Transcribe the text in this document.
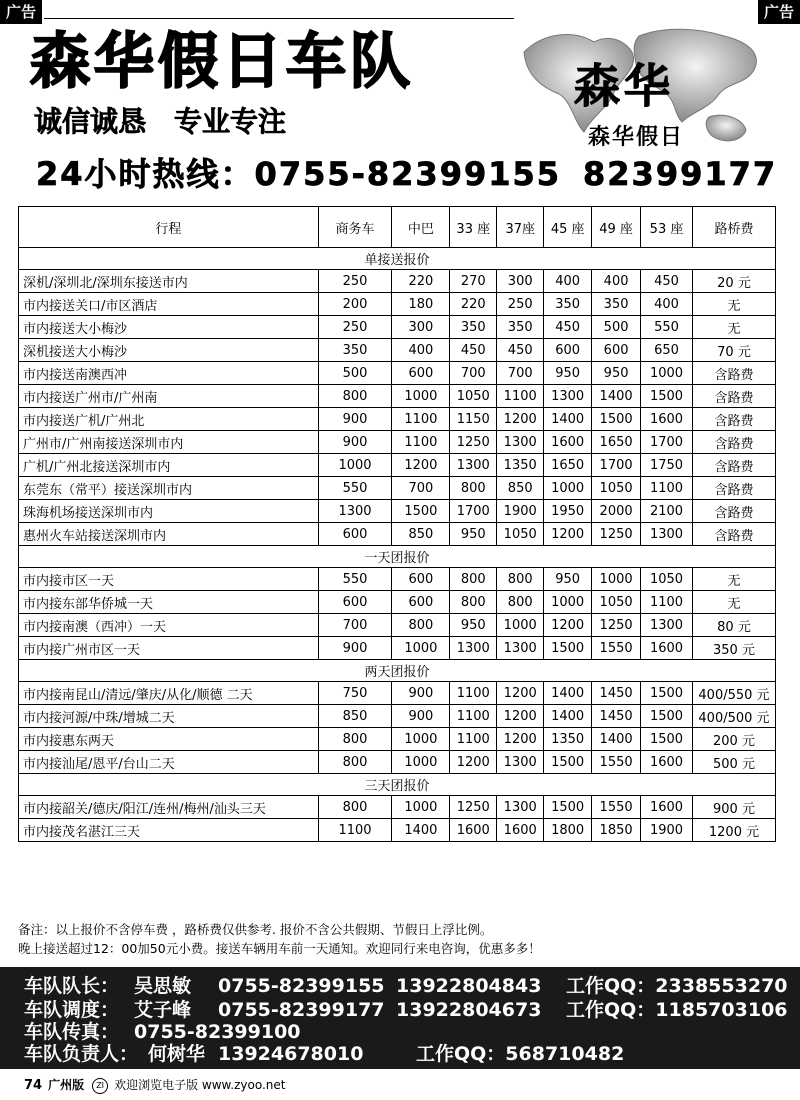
广告	广告
森华假日车队
诚信诚恳 专业专注
24小时热线：0755-82399155 82399177
森华
森华假日
行程	商务车	中巴	33 座	37座	45 座	49 座	53 座	路桥费
单接送报价								
深机/深圳北/深圳东接送市内	250	220	270	300	400	400	450	20 元
市内接送关口/市区酒店	200	180	220	250	350	350	400	无
市内接送大小梅沙	250	300	350	350	450	500	550	无
深机接送大小梅沙	350	400	450	450	600	600	650	70 元
市内接送南澳西冲	500	600	700	700	950	950	1000	含路费
市内接送广州市/广州南	800	1000	1050	1100	1300	1400	1500	含路费
市内接送广机/广州北	900	1100	1150	1200	1400	1500	1600	含路费
广州市/广州南接送深圳市内	900	1100	1250	1300	1600	1650	1700	含路费
广机/广州北接送深圳市内	1000	1200	1300	1350	1650	1700	1750	含路费
东莞东（常平）接送深圳市内	550	700	800	850	1000	1050	1100	含路费
珠海机场接送深圳市内	1300	1500	1700	1900	1950	2000	2100	含路费
惠州火车站接送深圳市内	600	850	950	1050	1200	1250	1300	含路费
一天团报价								
市内接市区一天	550	600	800	800	950	1000	1050	无
市内接东部华侨城一天	600	600	800	800	1000	1050	1100	无
市内接南澳（西冲）一天	700	800	950	1000	1200	1250	1300	80 元
市内接广州市区一天	900	1000	1300	1300	1500	1550	1600	350 元
两天团报价								
市内接南昆山/清远/肇庆/从化/顺德 二天	750	900	1100	1200	1400	1450	1500	400/550 元
市内接河源/中珠/增城二天	850	900	1100	1200	1400	1450	1500	400/500 元
市内接惠东两天	800	1000	1100	1200	1350	1400	1500	200 元
市内接汕尾/恩平/台山二天	800	1000	1200	1300	1500	1550	1600	500 元
三天团报价								
市内接韶关/德庆/阳江/连州/梅州/汕头三天	800	1000	1250	1300	1500	1550	1600	900 元
市内接茂名湛江三天	1100	1400	1600	1600	1800	1850	1900	1200 元
备注：以上报价不含停车费 ，路桥费仅供参考. 报价不含公共假期、节假日上浮比例。
晚上接送超过12：00加50元小费。接送车辆用车前一天通知。欢迎同行来电咨询，优惠多多！
车队队长： 吴思敏 0755-82399155 13922804843 工作QQ：2338553270
车队调度： 艾子峰 0755-82399177 13922804673 工作QQ：1185703106
车队传真： 0755-82399100
车队负责人： 何树华 13924678010	工作QQ：568710482
74 广州版 ZI 欢迎浏览电子版 www.zyoo.net
